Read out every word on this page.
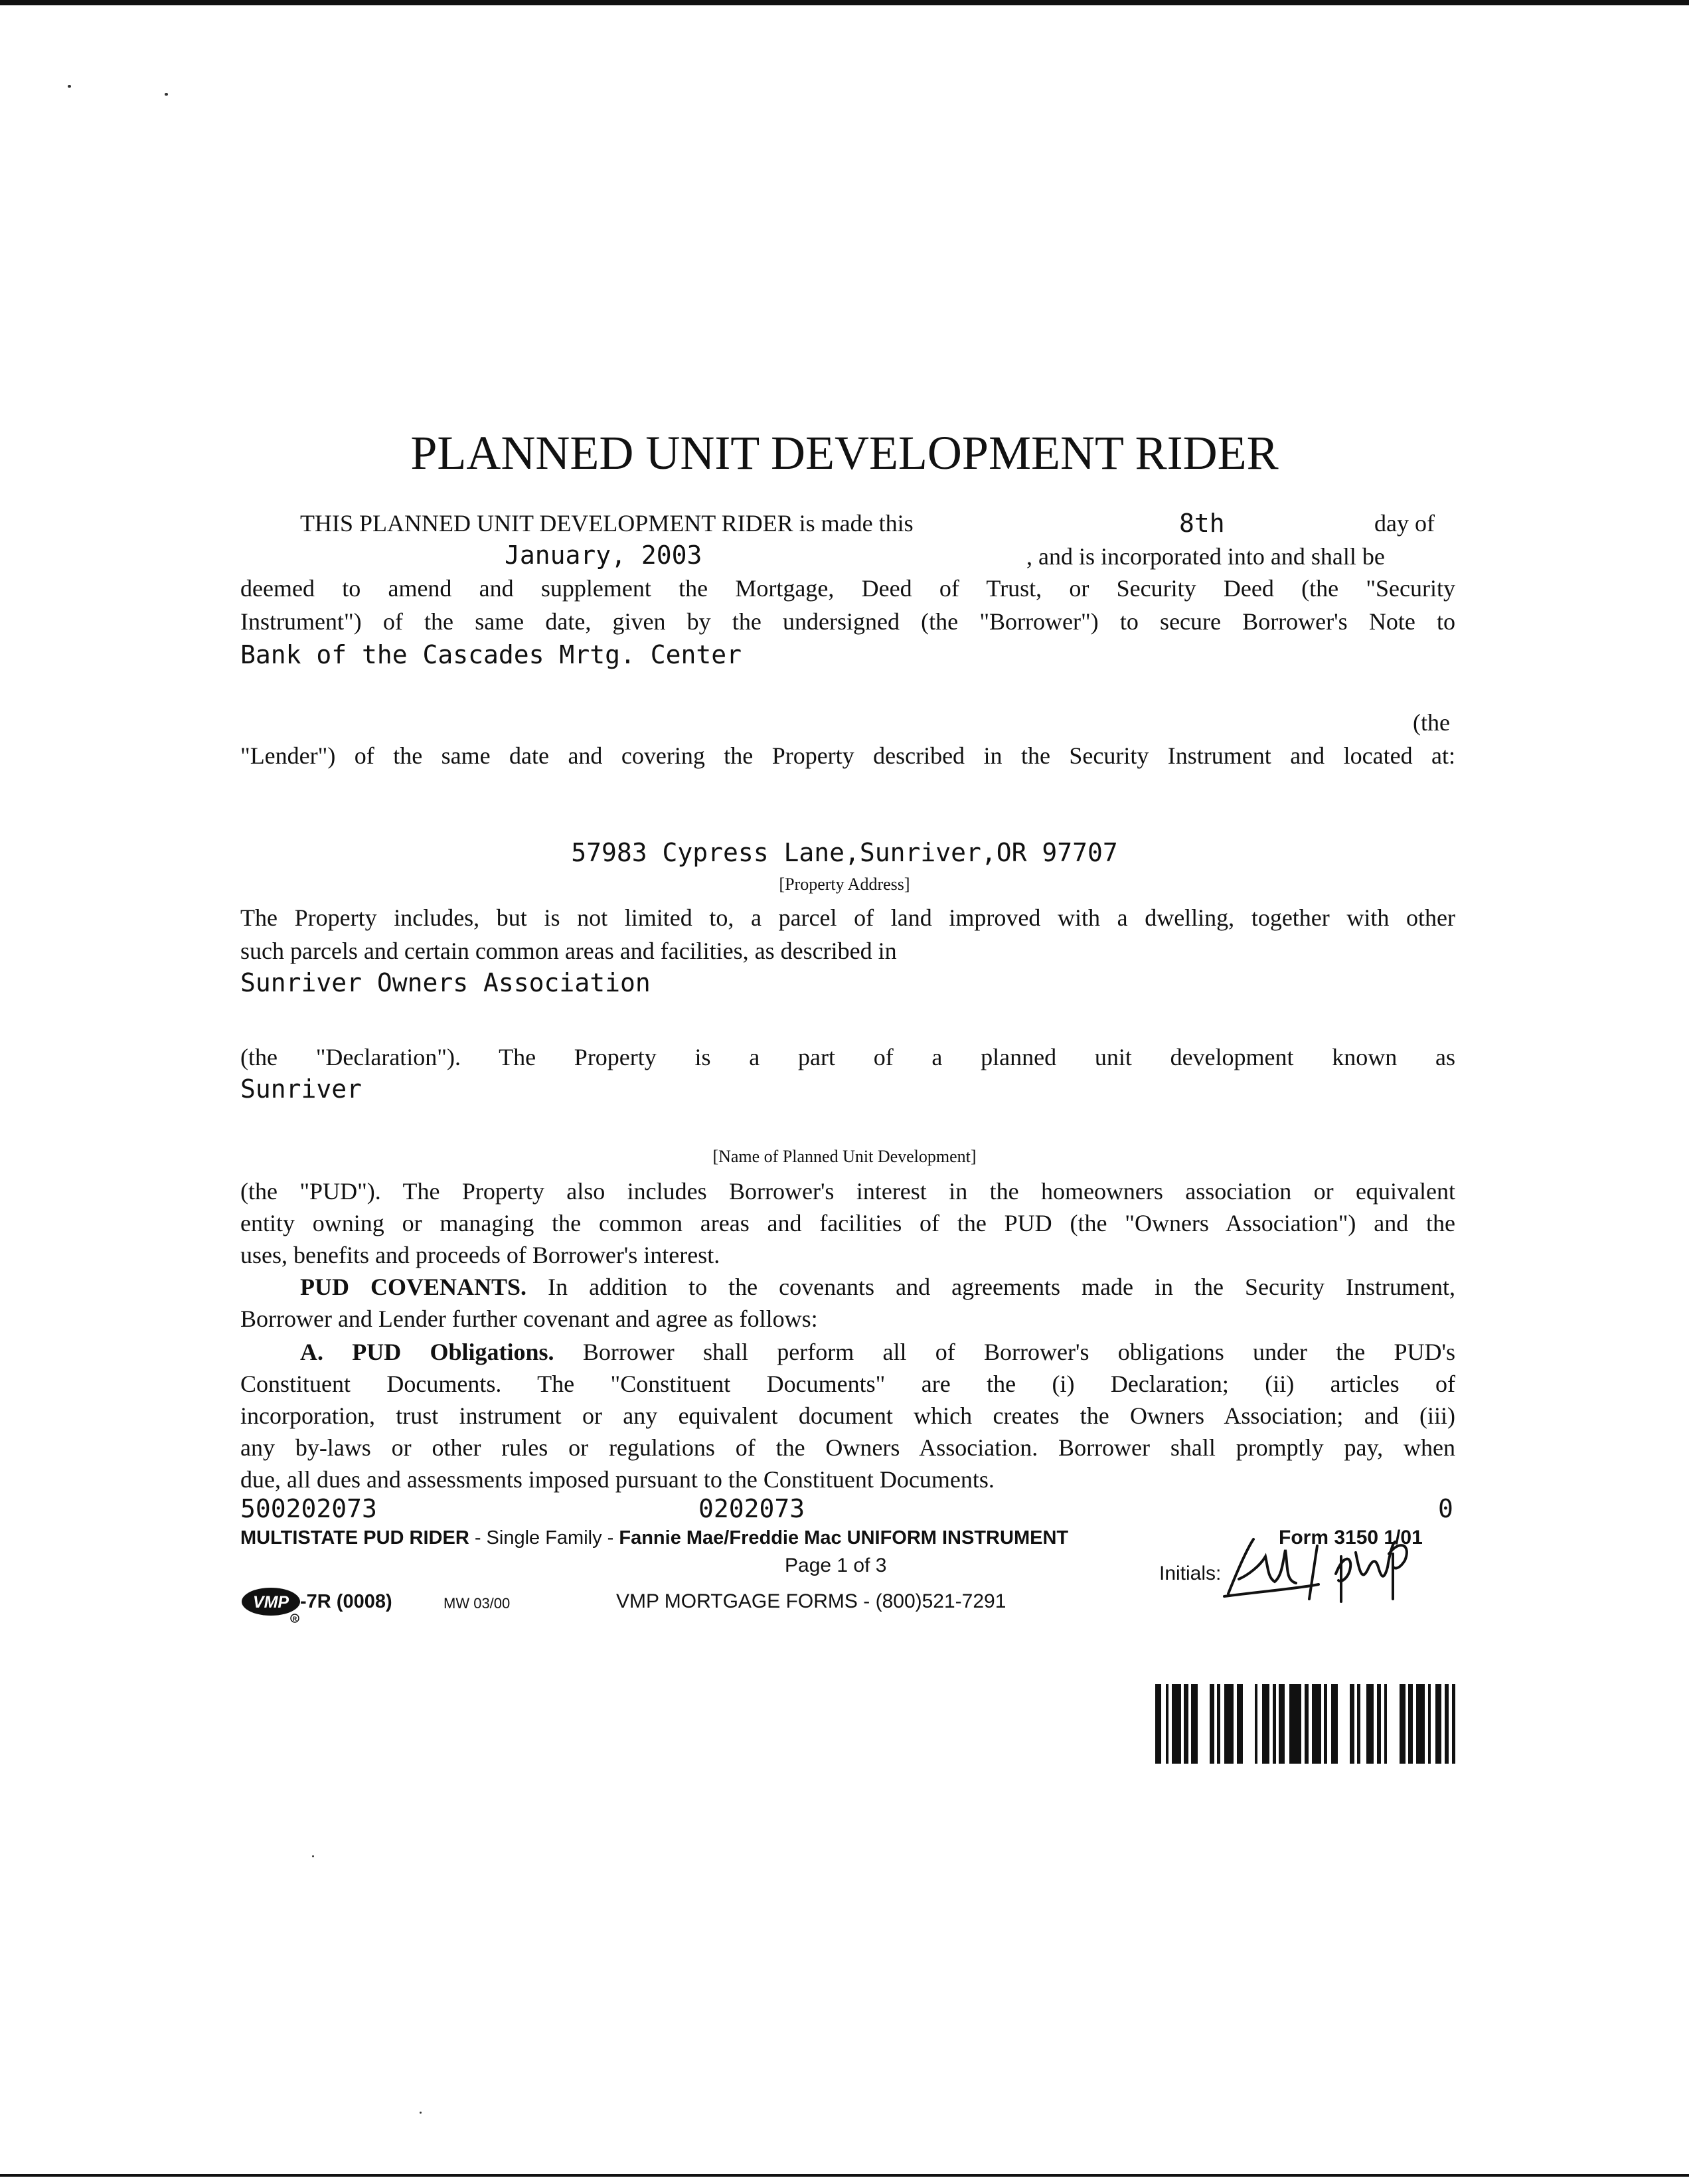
PLANNED UNIT DEVELOPMENT RIDER
THIS PLANNED UNIT DEVELOPMENT RIDER is made this	8th	day of
January, 2003	, and is incorporated into and shall be
deemed to amend and supplement the Mortgage, Deed of Trust, or Security Deed (the "Security
Instrument") of the same date, given by the undersigned (the "Borrower") to secure Borrower's Note to
Bank of the Cascades Mrtg. Center
(the
"Lender") of the same date and covering the Property described in the Security Instrument and located at:
57983 Cypress Lane,Sunriver,OR 97707
[Property Address]
The Property includes, but is not limited to, a parcel of land improved with a dwelling, together with other
such parcels and certain common areas and facilities, as described in
Sunriver Owners Association
(the "Declaration"). The Property is a part of a planned unit development known as
Sunriver
[Name of Planned Unit Development]
(the "PUD"). The Property also includes Borrower's interest in the homeowners association or equivalent
entity owning or managing the common areas and facilities of the PUD (the "Owners Association") and the
uses, benefits and proceeds of Borrower's interest.
PUD COVENANTS. In addition to the covenants and agreements made in the Security Instrument,
Borrower and Lender further covenant and agree as follows:
A. PUD Obligations. Borrower shall perform all of Borrower's obligations under the PUD's
Constituent Documents. The "Constituent Documents" are the (i) Declaration; (ii) articles of
incorporation, trust instrument or any equivalent document which creates the Owners Association; and (iii)
any by-laws or other rules or regulations of the Owners Association. Borrower shall promptly pay, when
due, all dues and assessments imposed pursuant to the Constituent Documents.
500202073	0202073	0
MULTISTATE PUD RIDER - Single Family - Fannie Mae/Freddie Mac UNIFORM INSTRUMENT	Form 3150 1/01
Page 1 of 3	Initials:
VMP
R
-7R (0008)	MW 03/00	VMP MORTGAGE FORMS - (800)521-7291
